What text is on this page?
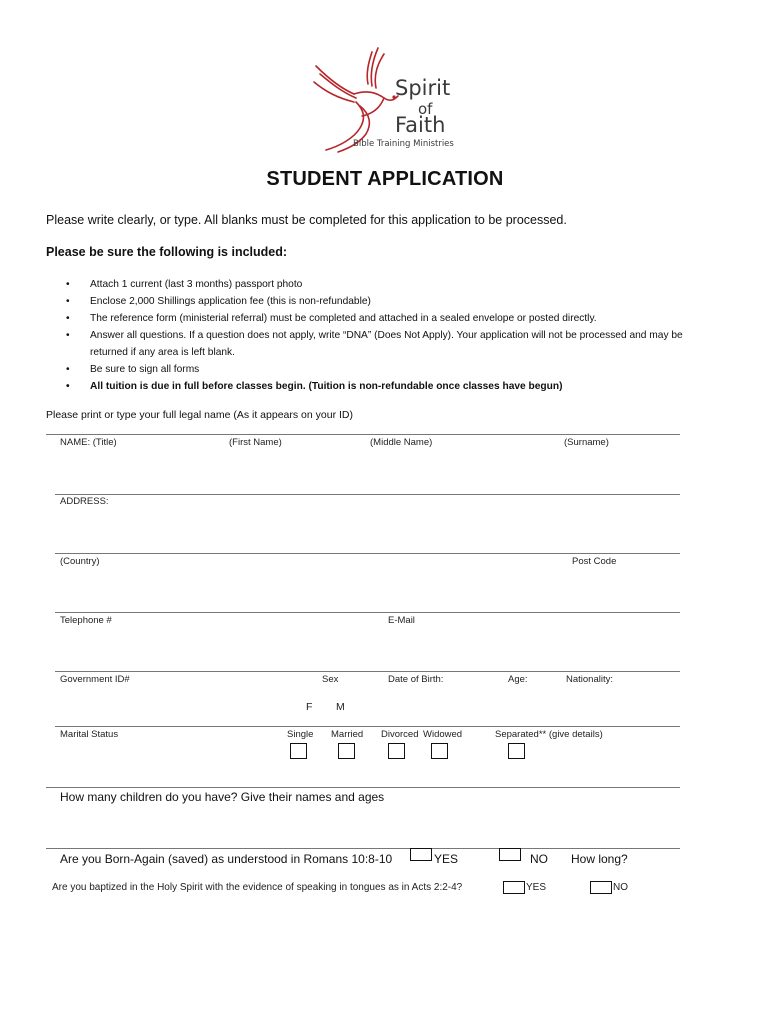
Spirit
of
Faith
Bible Training Ministries
STUDENT APPLICATION
Please write clearly, or type. All blanks must be completed for this application to be processed.
Please be sure the following is included:
• Attach 1 current (last 3 months) passport photo
• Enclose 2,000 Shillings application fee (this is non-refundable)
• The reference form (ministerial referral) must be completed and attached in a sealed envelope or posted directly.
• Answer all questions. If a question does not apply, write “DNA” (Does Not Apply). Your application will not be processed and may be returned if any area is left blank.
• Be sure to sign all forms
• All tuition is due in full before classes begin. (Tuition is non-refundable once classes have begun)
Please print or type your full legal name (As it appears on your ID)
NAME: (Title)	(First Name)	(Middle Name)	(Surname)
ADDRESS:
(Country)	Post Code
Telephone #	E-Mail
Government ID#	Sex	Date of Birth:	Age:	Nationality:
F M
Marital Status	Single Married Divorced Widowed	Separated** (give details)
How many children do you have? Give their names and ages
Are you Born-Again (saved) as understood in Romans 10:8-10	YES	NO How long?
Are you baptized in the Holy Spirit with the evidence of speaking in tongues as in Acts 2:2-4?	YES	NO
